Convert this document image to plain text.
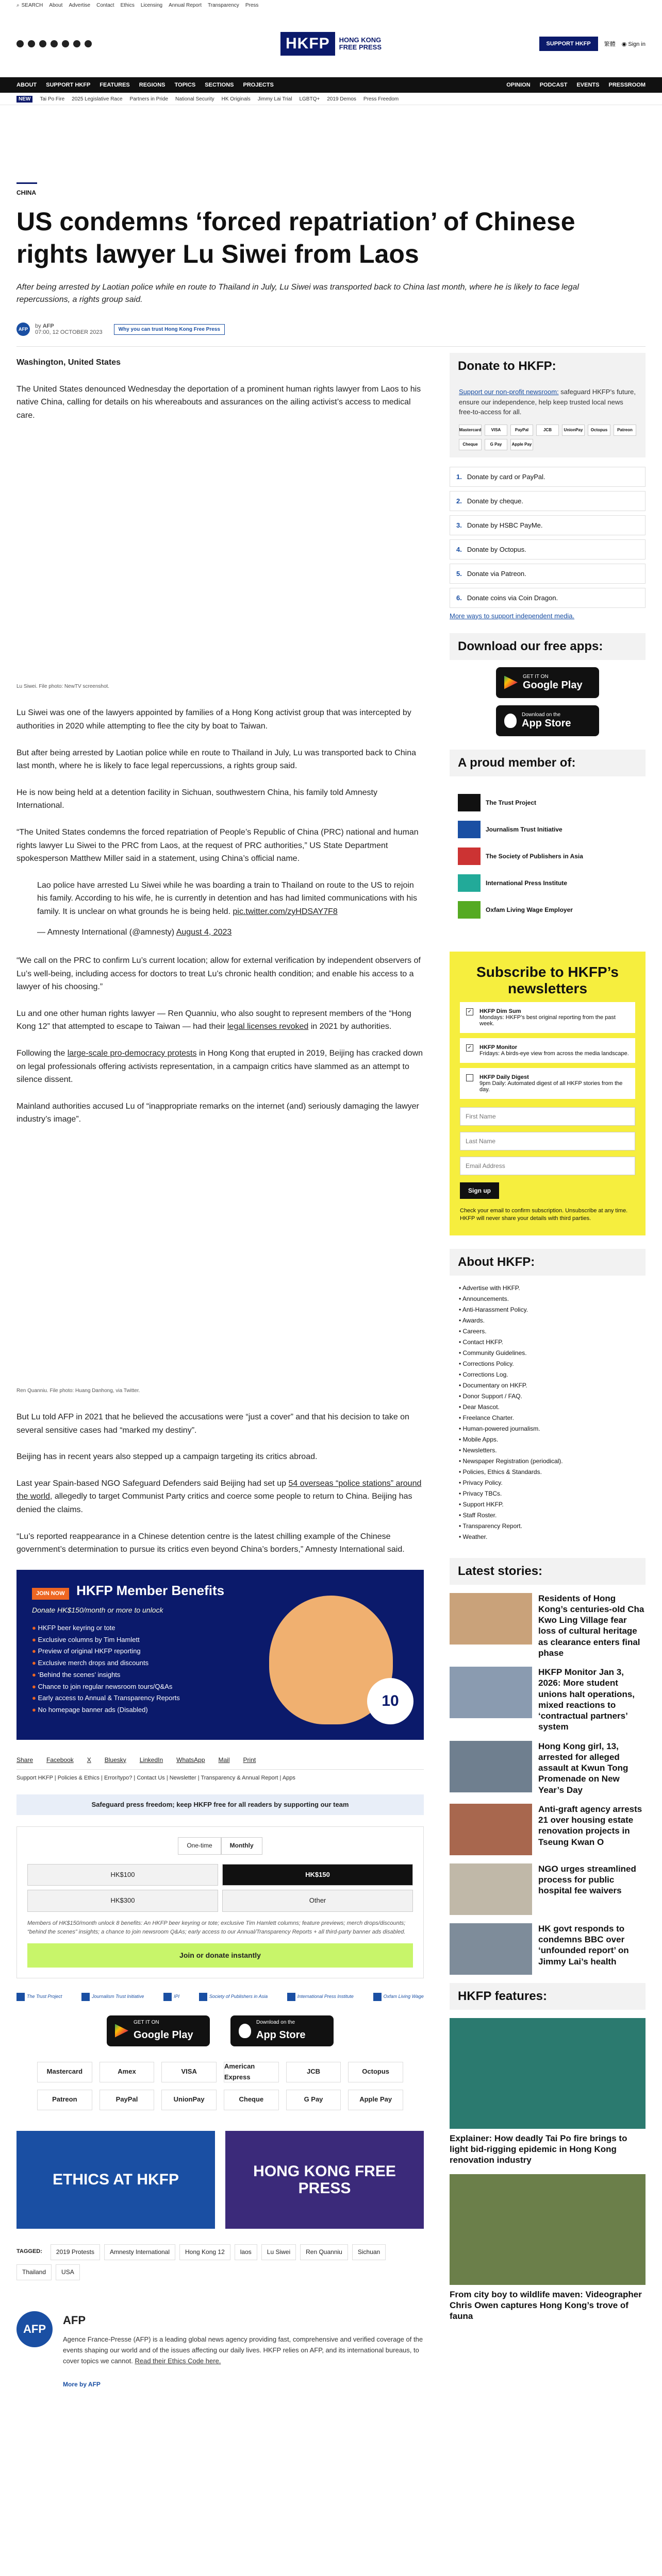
⌕ SEARCH About Advertise Contact Ethics Licensing Annual Report Transparency Press
HKFP	HONG KONG
FREE PRESS	SUPPORT HKFP	繁體 ◉ Sign in
ABOUT SUPPORT HKFP FEATURES REGIONS TOPICS SECTIONS PROJECTS	OPINION PODCAST EVENTS PRESSROOM
NEW	Tai Po Fire 2025 Legislative Race Partners in Pride National Security HK Originals Jimmy Lai Trial LGBTQ+ 2019 Demos Press Freedom
CHINA
US condemns ‘forced repatriation’ of Chinese rights lawyer Lu Siwei from Laos
After being arrested by Laotian police while en route to Thailand in July, Lu Siwei was transported back to China last month, where he is likely to face legal repercussions, a rights group said.
AFP	by AFP
07:00, 12 OCTOBER 2023	Why you can trust Hong Kong Free Press

Washington, United States

The United States denounced Wednesday the deportation of a prominent human rights lawyer from Laos to his native China, calling for details on his whereabouts and assurances on the ailing activist’s access to medical care.

Lu Siwei. File photo: NewTV screenshot.

Lu Siwei was one of the lawyers appointed by families of a Hong Kong activist group that was intercepted by authorities in 2020 while attempting to flee the city by boat to Taiwan.

But after being arrested by Laotian police while en route to Thailand in July, Lu was transported back to China last month, where he is likely to face legal repercussions, a rights group said.

He is now being held at a detention facility in Sichuan, southwestern China, his family told Amnesty International.

“The United States condemns the forced repatriation of People’s Republic of China (PRC) national and human rights lawyer Lu Siwei to the PRC from Laos, at the request of PRC authorities,” US State Department spokesperson Matthew Miller said in a statement, using China’s official name.

Lao police have arrested Lu Siwei while he was boarding a train to Thailand on route to the US to rejoin his family. According to his wife, he is currently in detention and has had limited communications with his family. It is unclear on what grounds he is being held. pic.twitter.com/zyHDSAY7F8

— Amnesty International (@amnesty) August 4, 2023

“We call on the PRC to confirm Lu’s current location; allow for external verification by independent observers of Lu’s well-being, including access for doctors to treat Lu’s chronic health condition; and enable his access to a lawyer of his choosing.”

Lu and one other human rights lawyer — Ren Quanniu, who also sought to represent members of the “Hong Kong 12” that attempted to escape to Taiwan — had their legal licenses revoked in 2021 by authorities.

Following the large-scale pro-democracy protests in Hong Kong that erupted in 2019, Beijing has cracked down on legal professionals offering activists representation, in a campaign critics have slammed as an attempt to silence dissent.

Mainland authorities accused Lu of “inappropriate remarks on the internet (and) seriously damaging the lawyer industry’s image”.

Ren Quanniu. File photo: Huang Danhong, via Twitter.

But Lu told AFP in 2021 that he believed the accusations were “just a cover” and that his decision to take on several sensitive cases had “marked my destiny”.

Beijing has in recent years also stepped up a campaign targeting its critics abroad.

Last year Spain-based NGO Safeguard Defenders said Beijing had set up 54 overseas “police stations” around the world, allegedly to target Communist Party critics and coerce some people to return to China. Beijing has denied the claims.

“Lu’s reported reappearance in a Chinese detention centre is the latest chilling example of the Chinese government’s determination to pursue its critics even beyond China’s borders,” Amnesty International said.

JOIN NOW HKFP Member Benefits
Donate HK$150/month or more to unlock
● HKFP beer keyring or tote
● Exclusive columns by Tim Hamlett
● Preview of original HKFP reporting
● Exclusive merch drops and discounts
● ‘Behind the scenes’ insights
● Chance to join regular newsroom tours/Q&As
● Early access to Annual & Transparency Reports
● No homepage banner ads (Disabled)
10
Share Facebook X Bluesky LinkedIn WhatsApp Mail Print
Support HKFP | Policies & Ethics | Error/typo? | Contact Us | Newsletter | Transparency & Annual Report | Apps
Safeguard press freedom; keep HKFP free for all readers by supporting our team
One-time	Monthly
HK$100	HK$150
HK$300	Other
Members of HK$150/month unlock 8 benefits: An HKFP beer keyring or tote; exclusive Tim Hamlett columns; feature previews; merch drops/discounts; “behind the scenes” insights; a chance to join newsroom Q&As; early access to our Annual/Transparency Reports + all third-party banner ads disabled.
Join or donate instantly
The Trust Project	Journalism Trust Initiative	IPI	Society of Publishers in Asia	International Press Institute	Oxfam Living Wage
GET IT ON
Google Play
Download on the
App Store
Mastercard	Amex	VISA
American Express
JCB	Octopus
Patreon	PayPal	UnionPay	Cheque	G Pay	Apple Pay
ETHICS AT HKFP	HONG KONG FREE PRESS
TAGGED:	2019 Protests	Amnesty International	Hong Kong 12	laos	Lu Siwei	Ren Quanniu	Sichuan
Thailand	USA
AFP
AFP

Agence France-Presse (AFP) is a leading global news agency providing fast, comprehensive and verified coverage of the events shaping our world and of the issues affecting our daily lives. HKFP relies on AFP, and its international bureaus, to cover topics we cannot. Read their Ethics Code here.

More by AFP
Donate to HKFP:

Support our non-profit newsroom: safeguard HKFP’s future, ensure our independence, help keep trusted local news free-to-access for all.

Mastercard	VISA	PayPal	JCB	UnionPay	Octopus	Patreon
Cheque	G Pay	Apple Pay
1. Donate by card or PayPal.
2. Donate by cheque.
3. Donate by HSBC PayMe.
4. Donate by Octopus.
5. Donate via Patreon.
6. Donate coins via Coin Dragon.
More ways to support independent media.
Download our free apps:
GET IT ON
Google Play
Download on the
App Store
A proud member of:
The Trust Project
Journalism Trust Initiative
The Society of Publishers in Asia
International Press Institute
Oxfam Living Wage Employer
Subscribe to HKFP’s newsletters
✓ HKFP Dim Sum
Mondays: HKFP’s best original reporting from the past week.
✓ HKFP Monitor
Fridays: A birds-eye view from across the media landscape.
HKFP Daily Digest
9pm Daily: Automated digest of all HKFP stories from the day.
First Name Last Name Email Address Sign up
Check your email to confirm subscription. Unsubscribe at any time. HKFP will never share your details with third parties.
About HKFP:
• Advertise with HKFP.
• Announcements.
• Anti-Harassment Policy.
• Awards.
• Careers.
• Contact HKFP.
• Community Guidelines.
• Corrections Policy.
• Corrections Log.
• Documentary on HKFP.
• Donor Support / FAQ.
• Dear Mascot.
• Freelance Charter.
• Human-powered journalism.
• Mobile Apps.
• Newsletters.
• Newspaper Registration (periodical).
• Policies, Ethics & Standards.
• Privacy Policy.
• Privacy TBCs.
• Support HKFP.
• Staff Roster.
• Transparency Report.
• Weather.
Latest stories:
Residents of Hong Kong’s centuries-old Cha Kwo Ling Village fear loss of cultural heritage as clearance enters final phase
HKFP Monitor Jan 3, 2026: More student unions halt operations, mixed reactions to ‘contractual partners’ system
Hong Kong girl, 13, arrested for alleged assault at Kwun Tong Promenade on New Year’s Day
Anti-graft agency arrests 21 over housing estate renovation projects in Tseung Kwan O
NGO urges streamlined process for public hospital fee waivers
HK govt responds to condemns BBC over ‘unfounded report’ on Jimmy Lai’s health
HKFP features:
Explainer: How deadly Tai Po fire brings to light bid-rigging epidemic in Hong Kong renovation industry
From city boy to wildlife maven: Videographer Chris Owen captures Hong Kong’s trove of fauna
